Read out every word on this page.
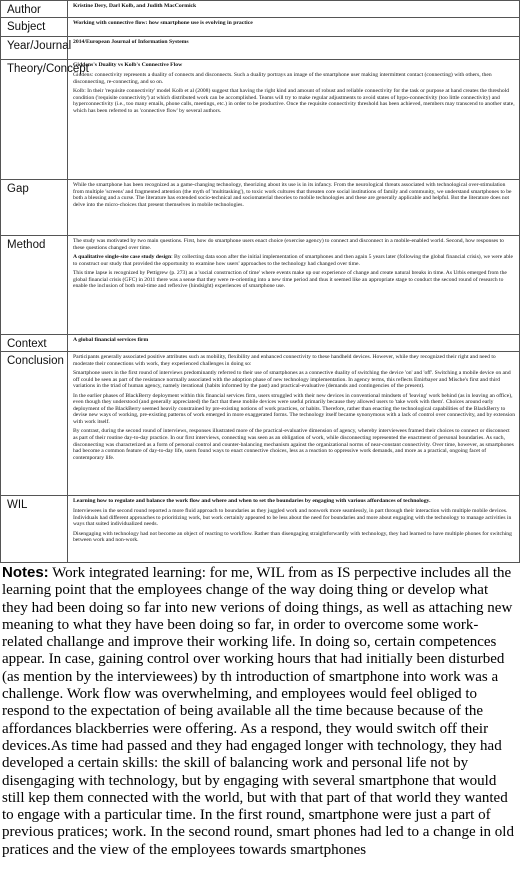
Author	Kristine Dery, Darl Kolb, and Judith MacCormick

Subject	Working with connective flow: how smartphone use is evolving in practice

Year/Journal	2014/European Journal of Information Systems

Theory/Concept	Giddens's Duality vs Kolb's Connective Flow

Giddens: connectivity represents a duality of connects and disconnects. Such a duality portrays an image of the smartphone user making intermittent contact (connecting) with others, then disconnecting, re-connecting, and so on.

Kolb: In their 'requisite connectivity' model Kolb et al (2008) suggest that having the right kind and amount of robust and reliable connectivity for the task or purpose at hand creates the threshold condition ('requisite connectivity') at which distributed work can be accomplished. Teams will try to make regular adjustments to avoid states of hypo-connectivity (too little connectivity) and hyperconnectivity (i.e., too many emails, phone calls, meetings, etc.) in order to be productive. Once the requisite connectivity threshold has been achieved, members may transcend to another state, which has been referred to as 'connective flow' by several authors.

Gap	While the smartphone has been recognized as a game-changing technology, theorizing about its use is in its infancy. From the neurological threats associated with technological over-stimulation from multiple 'screens' and fragmented attention (the myth of 'multitasking'), to toxic work cultures that threaten core social institutions of family and community, we understand smartphones to be both a blessing and a curse. The literature has extended socio-technical and sociomaterial theories to mobile technologies and these are generally applicable and helpful. But the literature does not delve into the micro-choices that present themselves in mobile technologies.

Method	The study was motivated by two main questions. First, how do smartphone users enact choice (exercise agency) to connect and disconnect in a mobile-enabled world. Second, how responses to these questions changed over time.

A qualitative single-site case study design: By collecting data soon after the initial implementation of smartphones and then again 5 years later (following the global financial crisis), we were able to construct our study that provided the opportunity to examine how users' approaches to the technology had changed over time.

This time lapse is recognized by Pettigrew (p. 273) as a 'social construction of time' where events make up our experience of change and create natural breaks in time. As Urbis emerged from the global financial crisis (GFC) in 2011 there was a sense that they were re-orienting into a new time period and thus it seemed like an appropriate stage to conduct the second round of research to enable the inclusion of both real-time and reflexive (hindsight) experiences of smartphone use.

Context	A global financial services firm

Conclusion	Participants generally associated positive attributes such as mobility, flexibility and enhanced connectivity to these handheld devices. However, while they recognized their right and need to moderate their connections with work, they experienced challenges in doing so:

Smartphone users in the first round of interviews predominantly referred to their use of smartphones as a connective duality of switching the device 'on' and 'off'. Switching a mobile device on and off could be seen as part of the resistance normally associated with the adoption phase of new technology implementation. In agency terms, this reflects Emirbayer and Mische's first and third variations in the triad of human agency, namely iterational (habits informed by the past) and practical-evaluative (demands and contingencies of the present).

In the earlier phases of BlackBerry deployment within this financial services firm, users struggled with their new devices in conventional mindsets of 'leaving' work behind (as in leaving an office), even though they understood (and generally appreciated) the fact that these mobile devices were useful primarily because they allowed users to 'take work with them'. Choices around early deployment of the BlackBerry seemed heavily constrained by pre-existing notions of work practices, or habits. Therefore, rather than enacting the technological capabilities of the BlackBerry to devise new ways of working, pre-existing patterns of work emerged in more exaggerated forms. The technology itself became synonymous with a lack of control over connectivity, and by extension with work itself.

By contrast, during the second round of interviews, responses illustrated more of the practical-evaluative dimension of agency, whereby interviewees framed their choices to connect or disconnect as part of their routine day-to-day practice. In our first interviews, connecting was seen as an obligation of work, while disconnecting represented the enactment of personal boundaries. As such, disconnecting was characterized as a form of personal control and counter-balancing mechanism against the organizational norms of near-constant connectivity. Over time, however, as smartphones had become a common feature of day-to-day life, users found ways to enact connective choices, less as a reaction to oppressive work demands, and more as a practical, ongoing facet of contemporary life.

WIL	Learning how to regulate and balance the work flow and where and when to set the boundaries by engaging with various affordances of technology.

Interviewees in the second round reported a more fluid approach to boundaries as they juggled work and nonwork more seamlessly, in part through their interaction with multiple mobile devices. Individuals had different approaches to prioritizing work, but work certainly appeared to be less about the need for boundaries and more about engaging with the technology to manage activities in ways that suited individualized needs.

Disengaging with technology had not become an object of reacting to workflow. Rather than disengaging straightforwardly with technology, they had learned to have multiple phones for switching between work and non-work.

Notes: Work integrated learning: for me, WIL from as IS perpective includes all the learning point that the employees change of the way doing thing or develop what they had been doing so far into new verions of doing things, as well as attaching new meaning to what they have been doing so far, in order to overcome some work-related challange and improve their working life. In doing so, certain competences appear. In case, gaining control over working hours that had initially been disturbed (as mention by the interviewees) by th introduction of smartphone into work was a challenge. Work flow was overwhelming, and employees would feel obliged to respond to the expectation of being available all the time because because of the affordances blackberries were offering. As a respond, they would switch off their devices.As time had passed and they had engaged longer with technology, they had developed a certain skills: the skill of balancing work and personal life not by disengaging with technology, but by engaging with several smartphone that would still kep them connected with the world, but with that part of that world they wanted to engage with a particular time. In the first round, smartphone were just a part of previous pratices; work. In the second round, smart phones had led to a change in old pratices and the view of the employees towards smartphones
